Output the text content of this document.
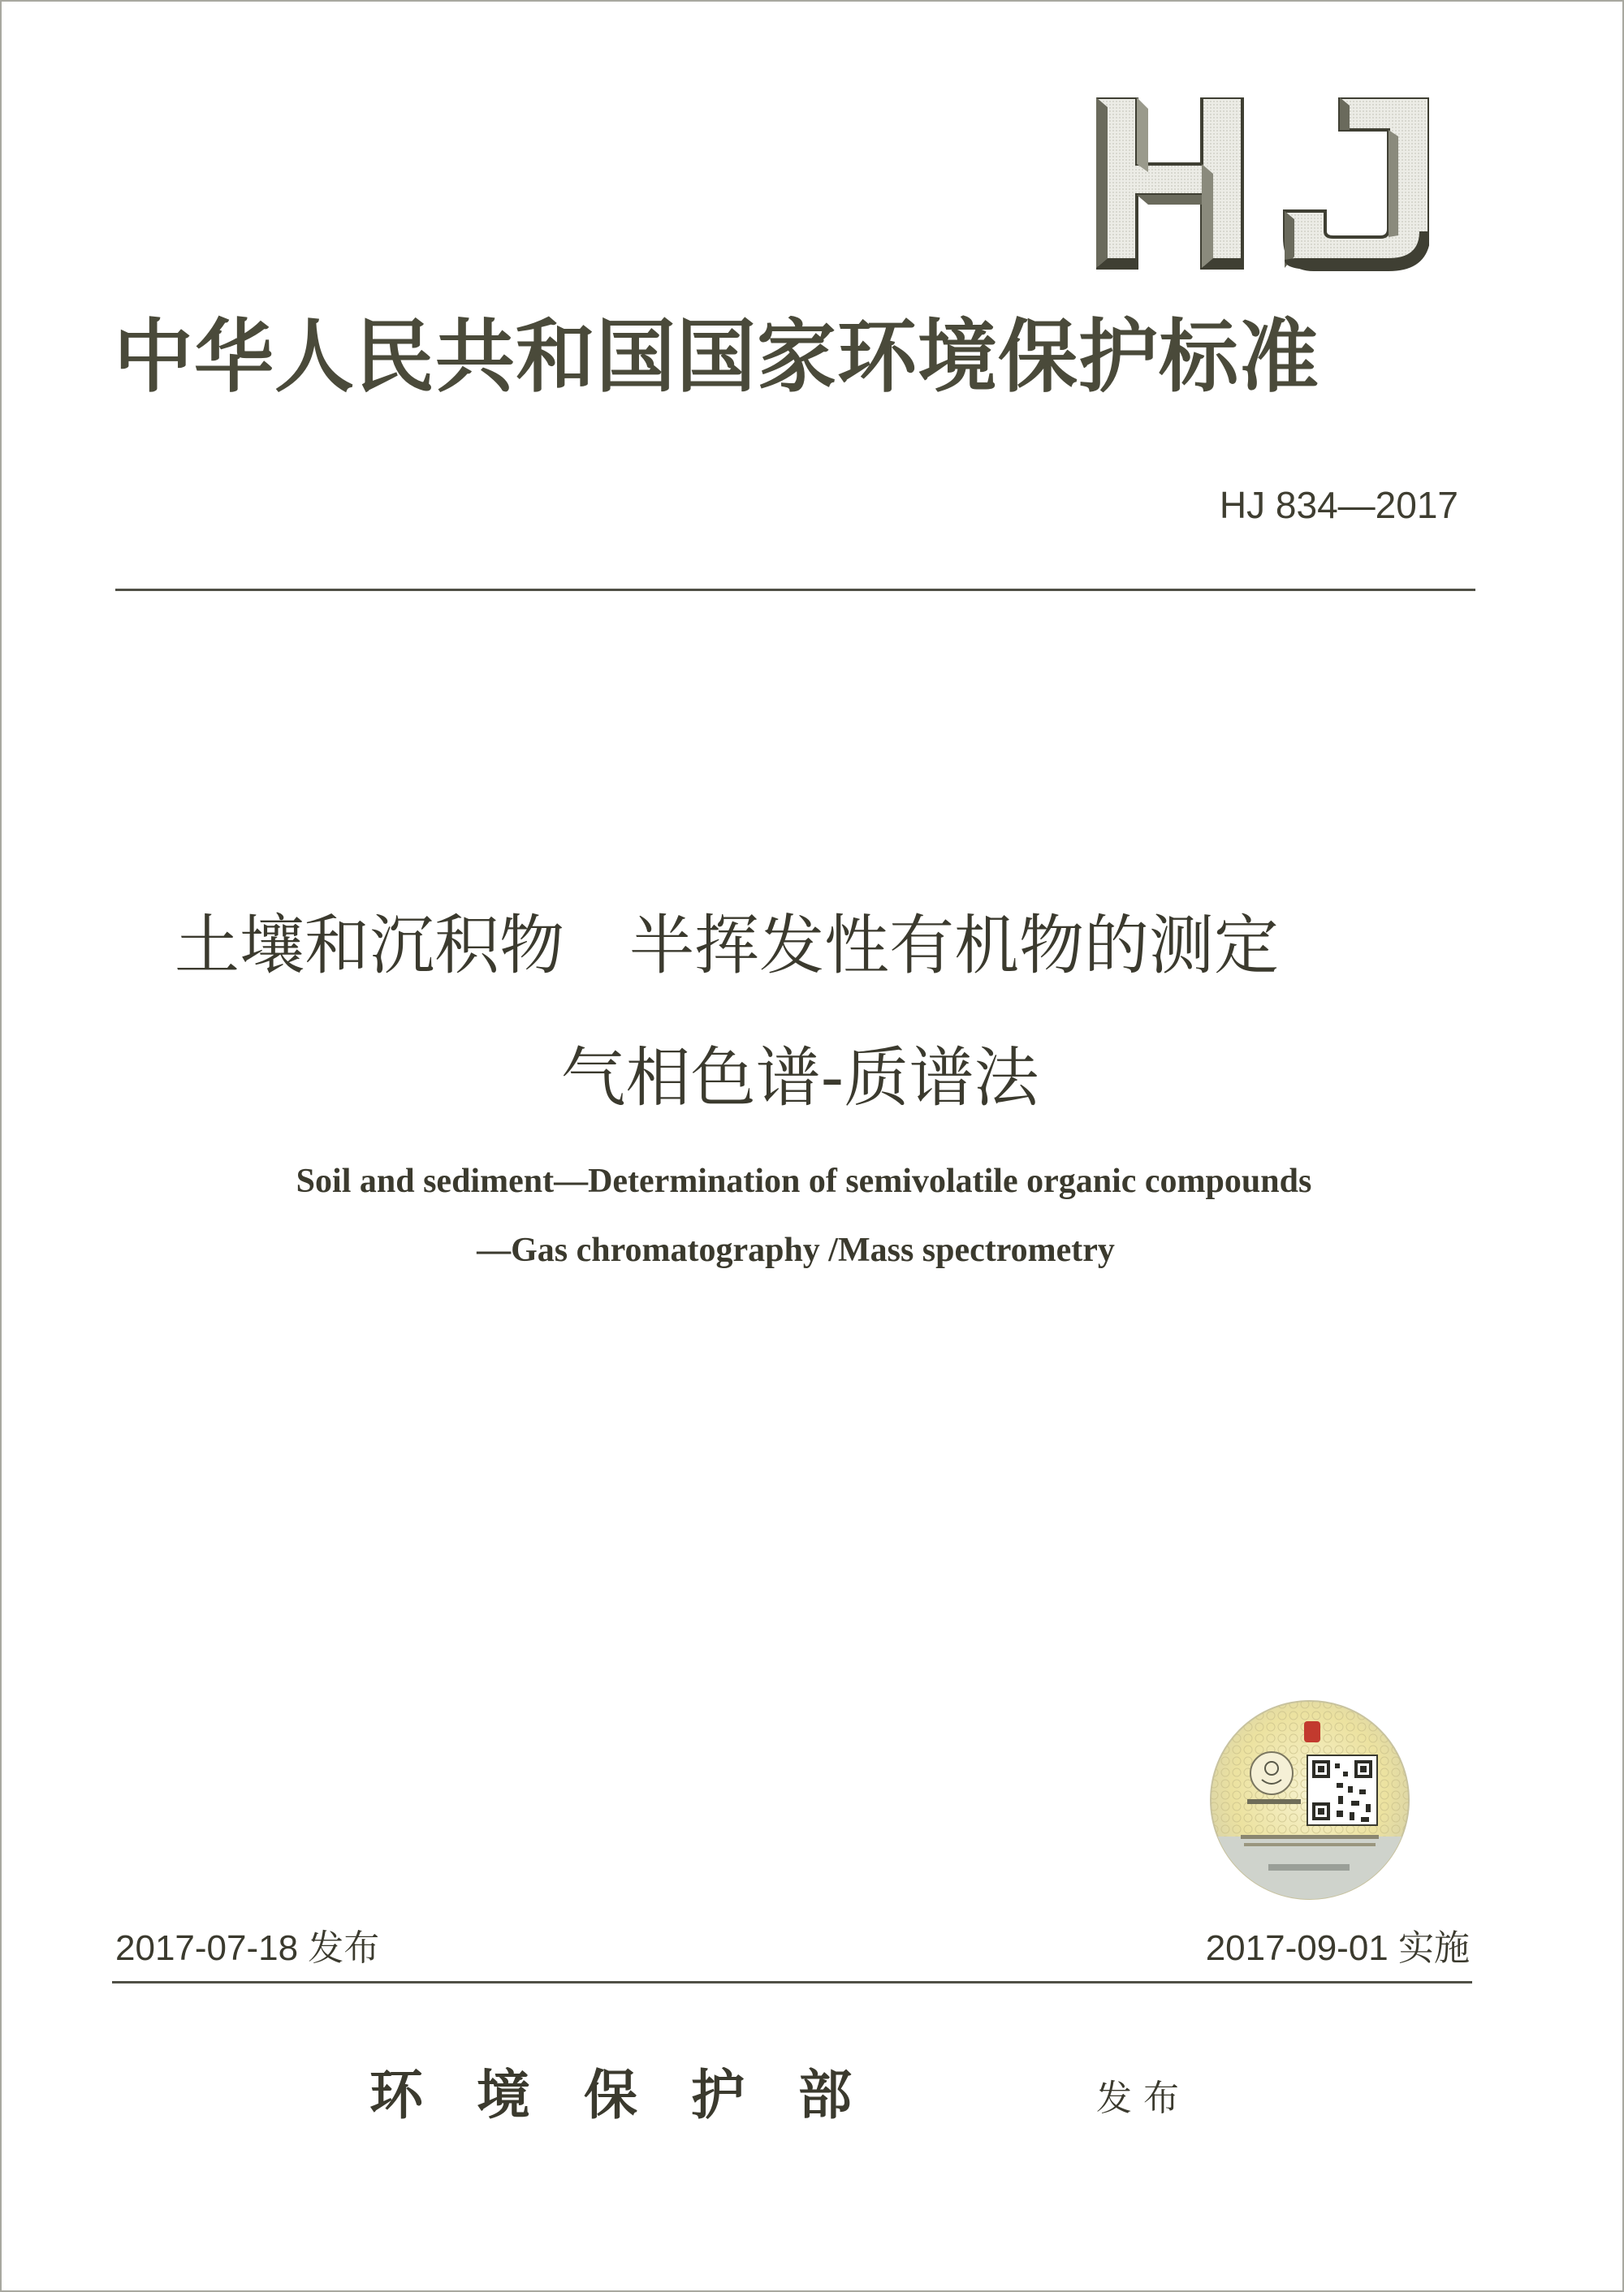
中华人民共和国国家环境保护标准
HJ 834—2017
土壤和沉积物　半挥发性有机物的测定
气相色谱-质谱法
Soil and sediment—Determination of semivolatile organic compounds
—Gas chromatography /Mass spectrometry
2017-07-18 发布	2017-09-01 实施
环　境　保　护　部	发布
